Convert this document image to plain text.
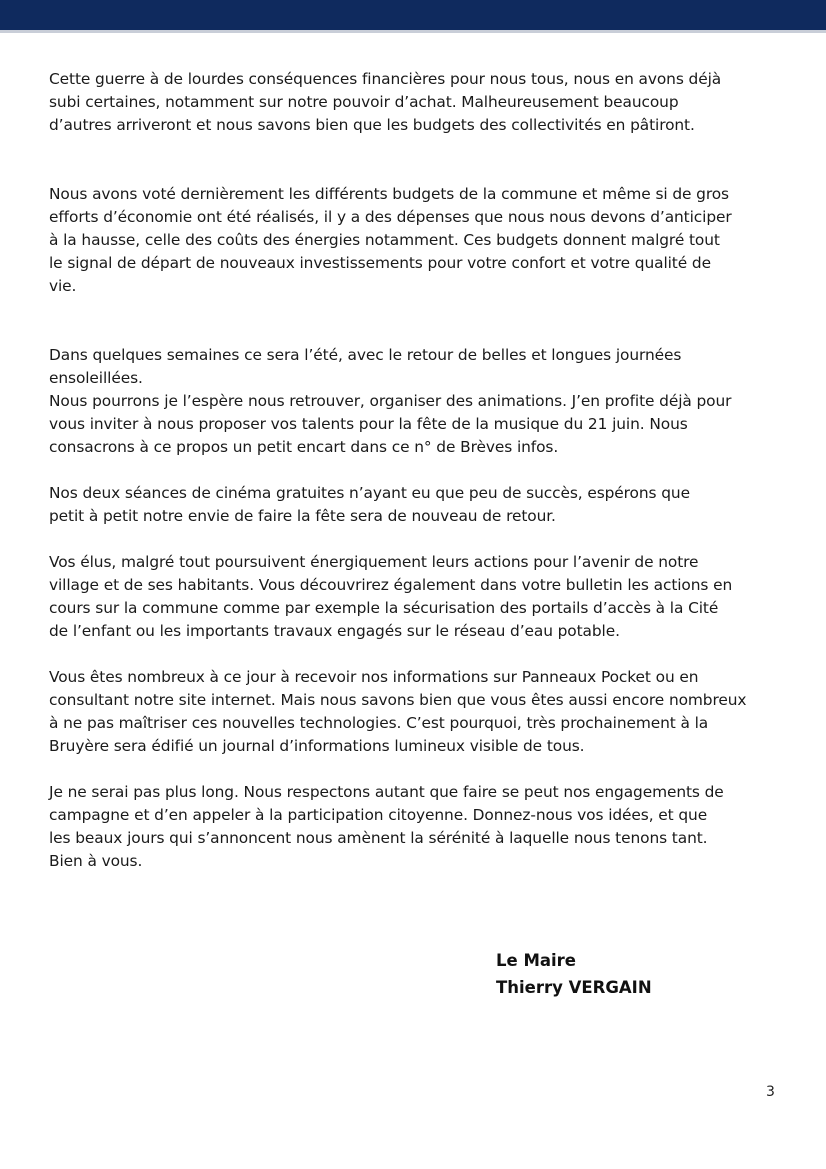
Cette guerre à de lourdes conséquences financières pour nous tous, nous en avons déjà
subi certaines, notamment sur notre pouvoir d’achat. Malheureusement beaucoup
d’autres arriveront et nous savons bien que les budgets des collectivités en pâtiront.
Nous avons voté dernièrement les différents budgets de la commune et même si de gros
efforts d’économie ont été réalisés, il y a des dépenses que nous nous devons d’anticiper
à la hausse, celle des coûts des énergies notamment. Ces budgets donnent malgré tout
le signal de départ de nouveaux investissements pour votre confort et votre qualité de
vie.
Dans quelques semaines ce sera l’été, avec le retour de belles et longues journées
ensoleillées.
Nous pourrons je l’espère nous retrouver, organiser des animations. J’en profite déjà pour
vous inviter à nous proposer vos talents pour la fête de la musique du 21 juin. Nous
consacrons à ce propos un petit encart dans ce n° de Brèves infos.
Nos deux séances de cinéma gratuites n’ayant eu que peu de succès, espérons que
petit à petit notre envie de faire la fête sera de nouveau de retour.
Vos élus, malgré tout poursuivent énergiquement leurs actions pour l’avenir de notre
village et de ses habitants. Vous découvrirez également dans votre bulletin les actions en
cours sur la commune comme par exemple la sécurisation des portails d’accès à la Cité
de l’enfant ou les importants travaux engagés sur le réseau d’eau potable.
Vous êtes nombreux à ce jour à recevoir nos informations sur Panneaux Pocket ou en
consultant notre site internet. Mais nous savons bien que vous êtes aussi encore nombreux
à ne pas maîtriser ces nouvelles technologies. C’est pourquoi, très prochainement à la
Bruyère sera édifié un journal d’informations lumineux visible de tous.
Je ne serai pas plus long. Nous respectons autant que faire se peut nos engagements de
campagne et d’en appeler à la participation citoyenne. Donnez-nous vos idées, et que
les beaux jours qui s’annoncent nous amènent la sérénité à laquelle nous tenons tant.
Bien à vous.
Le Maire
Thierry VERGAIN
3
